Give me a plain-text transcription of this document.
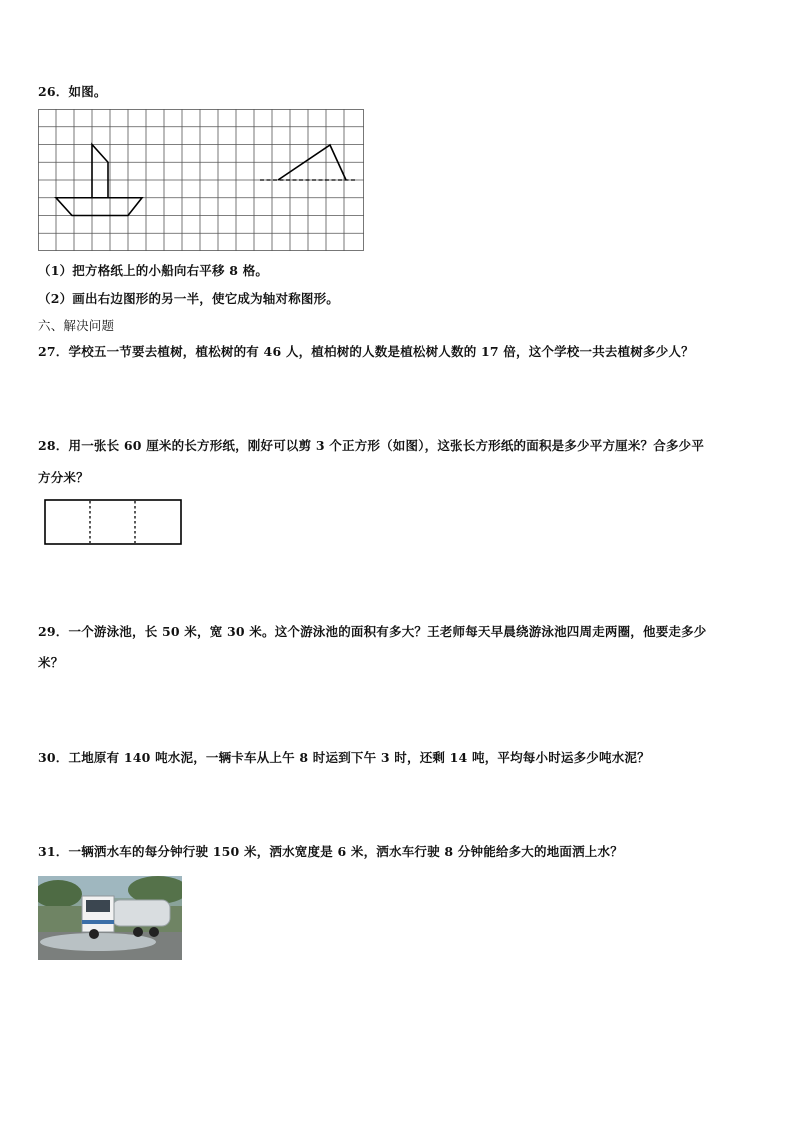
26．如图。
（1）把方格纸上的小船向右平移 8 格。
（2）画出右边图形的另一半，使它成为轴对称图形。
六、解决问题
27．学校五一节要去植树，植松树的有 46 人，植柏树的人数是植松树人数的 17 倍，这个学校一共去植树多少人？
28．用一张长 60 厘米的长方形纸，刚好可以剪 3 个正方形（如图），这张长方形纸的面积是多少平方厘米？合多少平
方分米？
29．一个游泳池，长 50 米，宽 30 米。这个游泳池的面积有多大？王老师每天早晨绕游泳池四周走两圈，他要走多少
米？
30．工地原有 140 吨水泥，一辆卡车从上午 8 时运到下午 3 时，还剩 14 吨，平均每小时运多少吨水泥？
31．一辆洒水车的每分钟行驶 150 米，洒水宽度是 6 米，洒水车行驶 8 分钟能给多大的地面洒上水？
